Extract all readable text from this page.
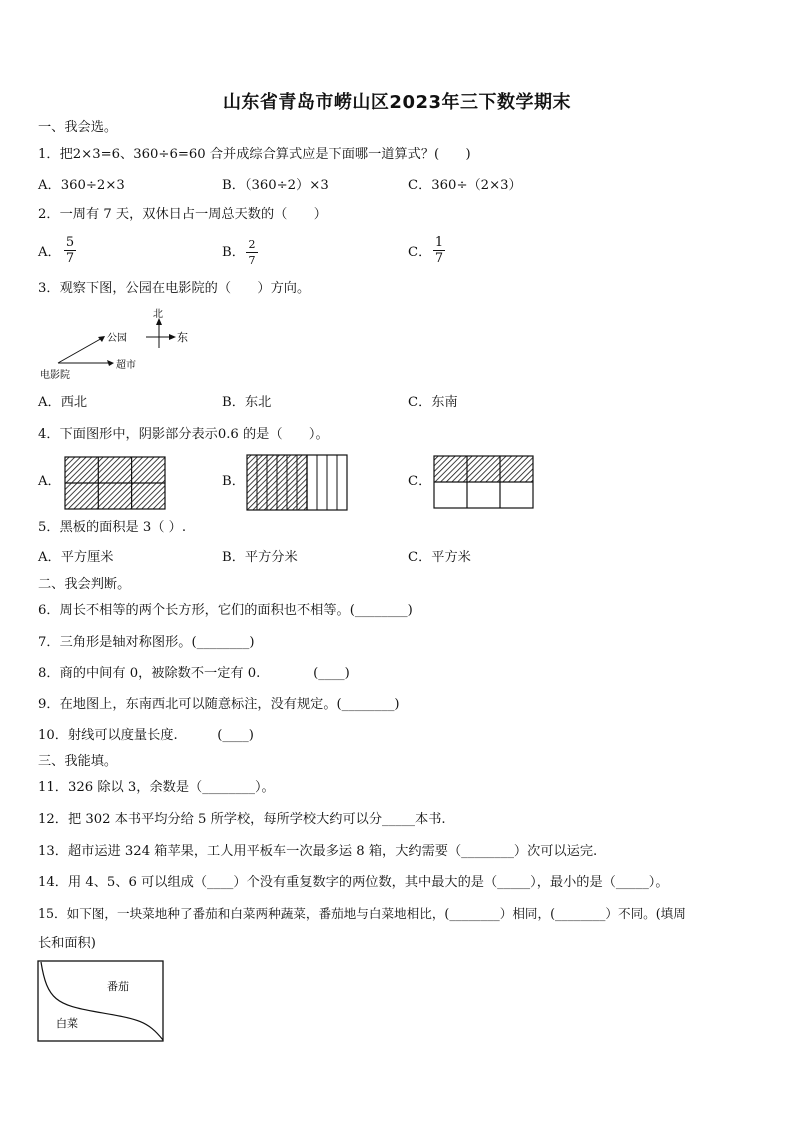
山东省青岛市崂山区2023年三下数学期末
一、我会选。
1．把2×3=6、360÷6=60 合并成综合算式应是下面哪一道算式？(　　)
A．360÷2×3	B．（360÷2）×3	C．360÷（2×3）
2．一周有 7 天，双休日占一周总天数的（　　）
A． $\frac{5}{7}$	B． $\frac{2}{7}$	C． $\frac{1}{7}$
3．观察下图，公园在电影院的（　　）方向。
北
东
公园
超市
电影院
A．西北	B．东北	C．东南
4．下面图形中，阴影部分表示0.6 的是（　　）。
A．	B．	C．
5．黑板的面积是 3（ ）.
A．平方厘米	B．平方分米	C．平方米
二、我会判断。
6．周长不相等的两个长方形，它们的面积也不相等。(________)
7．三角形是轴对称图形。(________)
8．商的中间有 0，被除数不一定有 0.　　　　(____)
9．在地图上，东南西北可以随意标注，没有规定。(________)
10．射线可以度量长度.　　　(____)
三、我能填。
11．326 除以 3，余数是（________）。
12．把 302 本书平均分给 5 所学校，每所学校大约可以分_____本书.
13．超市运进 324 箱苹果，工人用平板车一次最多运 8 箱，大约需要（________）次可以运完.
14．用 4、5、6 可以组成（____）个没有重复数字的两位数，其中最大的是（_____），最小的是（_____）。
15．如下图，一块菜地种了番茄和白菜两种蔬菜，番茄地与白菜地相比，(________）相同，(________）不同。(填周
长和面积)
番茄
白菜
